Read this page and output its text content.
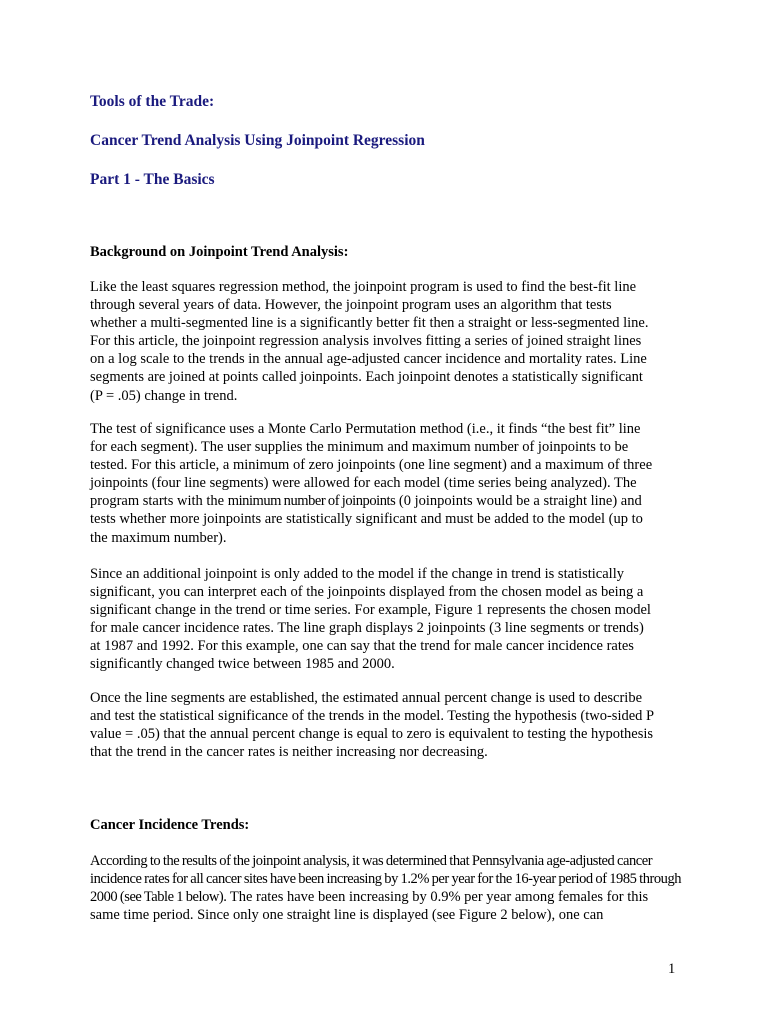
Tools of the Trade:
Cancer Trend Analysis Using Joinpoint Regression
Part 1 - The Basics
Background on Joinpoint Trend Analysis:

Like the least squares regression method, the joinpoint program is used to find the best-fit line
through several years of data. However, the joinpoint program uses an algorithm that tests
whether a multi-segmented line is a significantly better fit then a straight or less-segmented line.
For this article, the joinpoint regression analysis involves fitting a series of joined straight lines
on a log scale to the trends in the annual age-adjusted cancer incidence and mortality rates. Line
segments are joined at points called joinpoints. Each joinpoint denotes a statistically significant
(P = .05) change in trend.

The test of significance uses a Monte Carlo Permutation method (i.e., it finds “the best fit” line
for each segment). The user supplies the minimum and maximum number of joinpoints to be
tested. For this article, a minimum of zero joinpoints (one line segment) and a maximum of three
joinpoints (four line segments) were allowed for each model (time series being analyzed). The
program starts with the minimum number of joinpoints (0 joinpoints would be a straight line) and
tests whether more joinpoints are statistically significant and must be added to the model (up to
the maximum number).

Since an additional joinpoint is only added to the model if the change in trend is statistically
significant, you can interpret each of the joinpoints displayed from the chosen model as being a
significant change in the trend or time series. For example, Figure 1 represents the chosen model
for male cancer incidence rates. The line graph displays 2 joinpoints (3 line segments or trends)
at 1987 and 1992. For this example, one can say that the trend for male cancer incidence rates
significantly changed twice between 1985 and 2000.

Once the line segments are established, the estimated annual percent change is used to describe
and test the statistical significance of the trends in the model. Testing the hypothesis (two-sided P
value = .05) that the annual percent change is equal to zero is equivalent to testing the hypothesis
that the trend in the cancer rates is neither increasing nor decreasing.

Cancer Incidence Trends:

According to the results of the joinpoint analysis, it was determined that Pennsylvania age-adjusted cancer
incidence rates for all cancer sites have been increasing by 1.2% per year for the 16-year period of 1985 through
2000 (see Table 1 below). The rates have been increasing by 0.9% per year among females for this
same time period. Since only one straight line is displayed (see Figure 2 below), one can

1
